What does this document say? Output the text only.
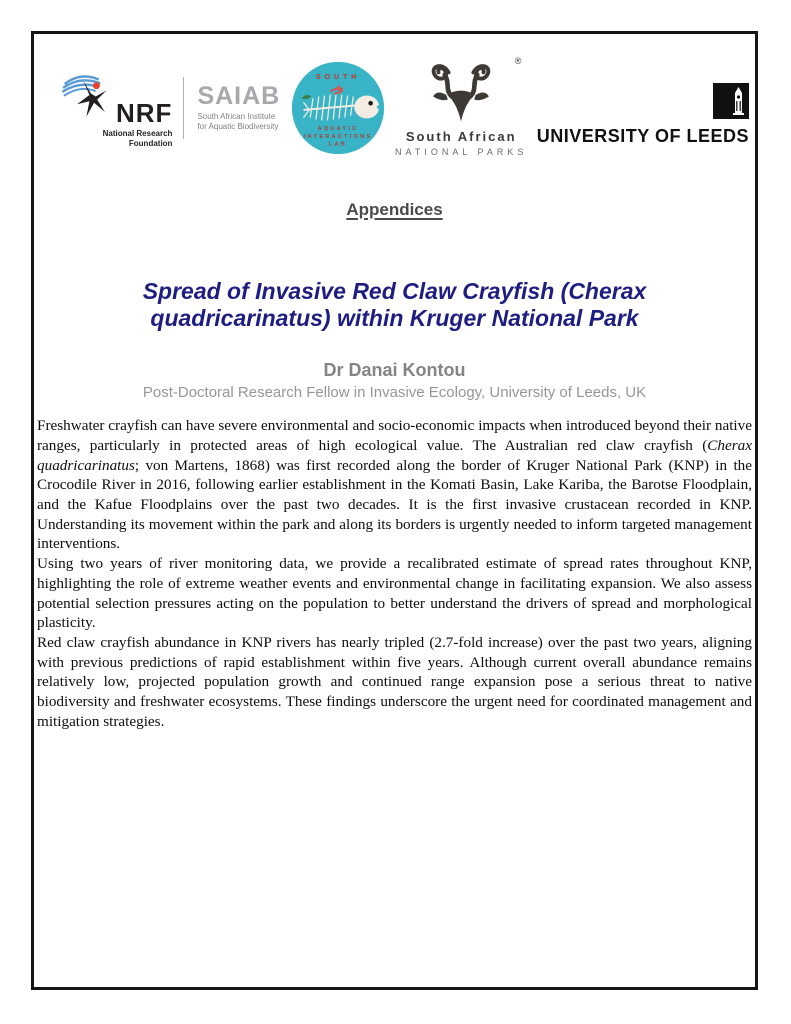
NRF
National Research
Foundation
SAIAB
South African Institute
for Aquatic Biodiversity
SOUTH
AQUATIC
INTERACTIONS
LAB
®
South African
NATIONAL PARKS
UNIVERSITY OF LEEDS
Appendices
Spread of Invasive Red Claw Crayfish (Cherax
quadricarinatus) within Kruger National Park
Dr Danai Kontou
Post-Doctoral Research Fellow in Invasive Ecology, University of Leeds, UK

Freshwater crayfish can have severe environmental and socio-economic impacts when introduced beyond their native ranges, particularly in protected areas of high ecological value. The Australian red claw crayfish (Cherax quadricarinatus; von Martens, 1868) was first recorded along the border of Kruger National Park (KNP) in the Crocodile River in 2016, following earlier establishment in the Komati Basin, Lake Kariba, the Barotse Floodplain, and the Kafue Floodplains over the past two decades. It is the first invasive crustacean recorded in KNP. Understanding its movement within the park and along its borders is urgently needed to inform targeted management interventions.

Using two years of river monitoring data, we provide a recalibrated estimate of spread rates throughout KNP, highlighting the role of extreme weather events and environmental change in facilitating expansion. We also assess potential selection pressures acting on the population to better understand the drivers of spread and morphological plasticity.

Red claw crayfish abundance in KNP rivers has nearly tripled (2.7-fold increase) over the past two years, aligning with previous predictions of rapid establishment within five years. Although current overall abundance remains relatively low, projected population growth and continued range expansion pose a serious threat to native biodiversity and freshwater ecosystems. These findings underscore the urgent need for coordinated management and mitigation strategies.
